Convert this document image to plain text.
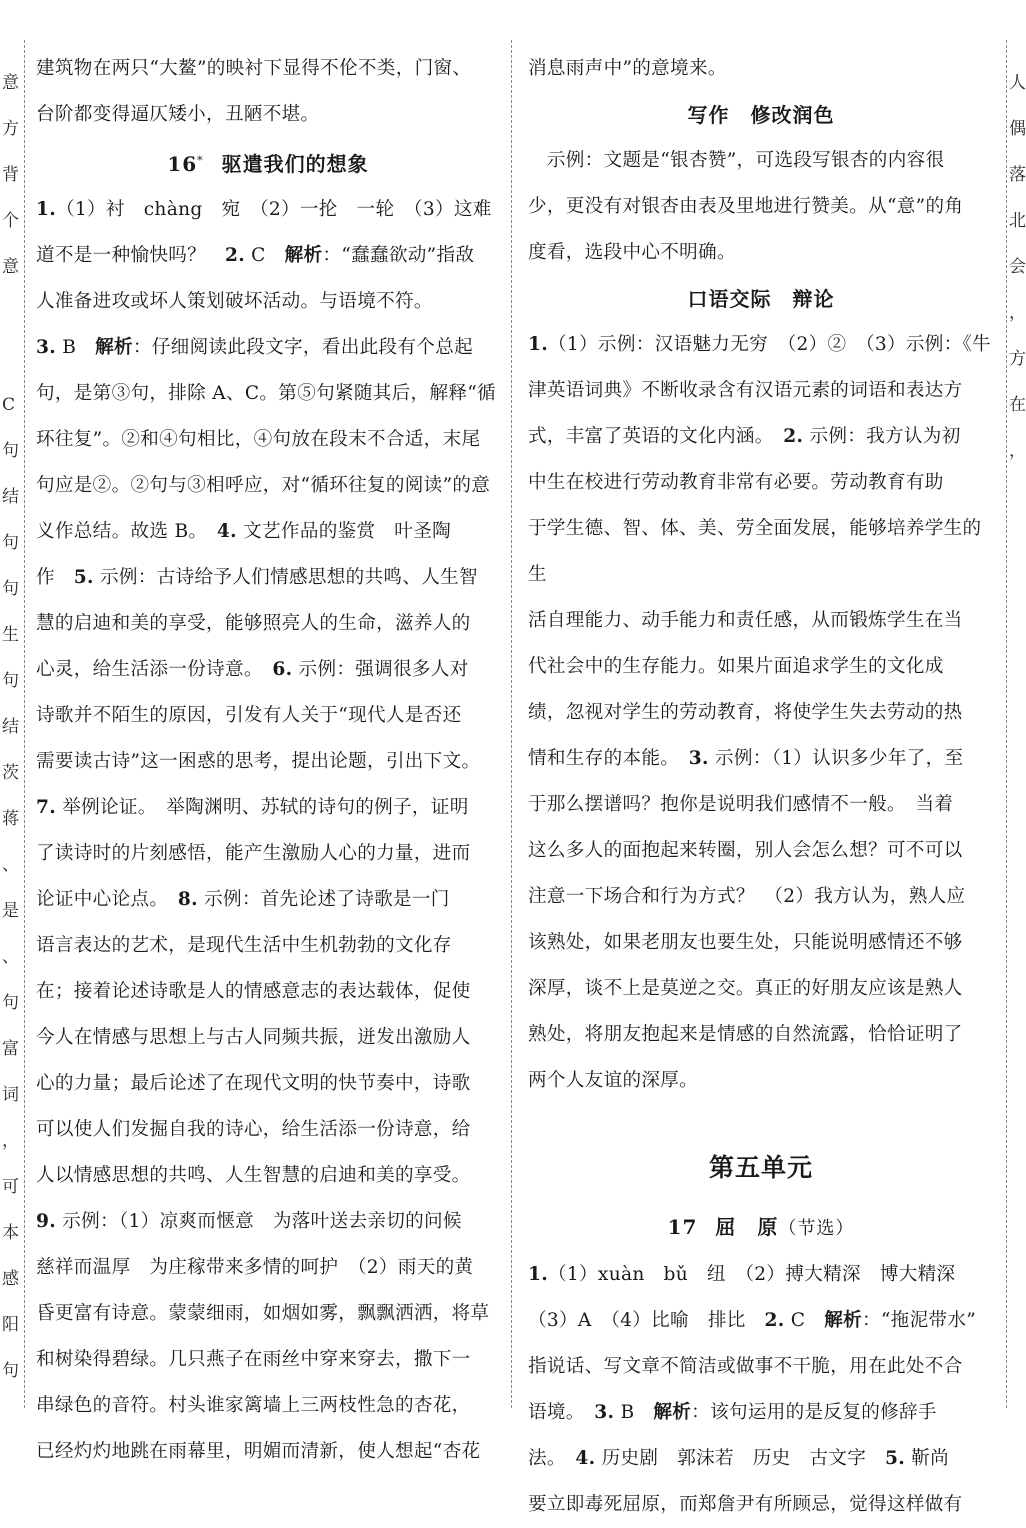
意
方
背
个
意
C
句
结
句
句
生
句
结
茨
蒋
、
是
、
句
富
词
，
可
本
感
阳
句
人
偶
落
北
会
，
方
在
，

建筑物在两只“大鳌”的映衬下显得不伦不类，门窗、

台阶都变得逼仄矮小，丑陋不堪。

16* 驱遣我们的想象

1.（1）衬　chàng　宛　（2）一抡　一轮　（3）这难

道不是一种愉快吗？　2. C　解析：“蠢蠢欲动”指敌

人准备进攻或坏人策划破坏活动。与语境不符。

3. B　解析：仔细阅读此段文字，看出此段有个总起

句，是第③句，排除 A、C。第⑤句紧随其后，解释“循

环往复”。②和④句相比，④句放在段末不合适，末尾

句应是②。②句与③相呼应，对“循环往复的阅读”的意

义作总结。故选 B。　4. 文艺作品的鉴赏　叶圣陶

作　5. 示例：古诗给予人们情感思想的共鸣、人生智

慧的启迪和美的享受，能够照亮人的生命，滋养人的

心灵，给生活添一份诗意。　6. 示例：强调很多人对

诗歌并不陌生的原因，引发有人关于“现代人是否还

需要读古诗”这一困惑的思考，提出论题，引出下文。

7. 举例论证。　举陶渊明、苏轼的诗句的例子，证明

了读诗时的片刻感悟，能产生激励人心的力量，进而

论证中心论点。　8. 示例：首先论述了诗歌是一门

语言表达的艺术，是现代生活中生机勃勃的文化存

在；接着论述诗歌是人的情感意志的表达载体，促使

今人在情感与思想上与古人同频共振，迸发出激励人

心的力量；最后论述了在现代文明的快节奏中，诗歌

可以使人们发掘自我的诗心，给生活添一份诗意，给

人以情感思想的共鸣、人生智慧的启迪和美的享受。

9. 示例：（1）凉爽而惬意　为落叶送去亲切的问候

慈祥而温厚　为庄稼带来多情的呵护　（2）雨天的黄

昏更富有诗意。蒙蒙细雨，如烟如雾，飘飘洒洒，将草

和树染得碧绿。几只燕子在雨丝中穿来穿去，撒下一

串绿色的音符。村头谁家篱墙上三两枝性急的杏花，

已经灼灼地跳在雨幕里，明媚而清新，使人想起“杏花

消息雨声中”的意境来。

写作　修改润色

　示例：文题是“银杏赞”，可选段写银杏的内容很

少，更没有对银杏由表及里地进行赞美。从“意”的角

度看，选段中心不明确。

口语交际　辩论

1.（1）示例：汉语魅力无穷　（2）②　（3）示例：《牛

津英语词典》不断收录含有汉语元素的词语和表达方

式，丰富了英语的文化内涵。　2. 示例：我方认为初

中生在校进行劳动教育非常有必要。劳动教育有助

于学生德、智、体、美、劳全面发展，能够培养学生的生

活自理能力、动手能力和责任感，从而锻炼学生在当

代社会中的生存能力。如果片面追求学生的文化成

绩，忽视对学生的劳动教育，将使学生失去劳动的热

情和生存的本能。　3. 示例：（1）认识多少年了，至

于那么摆谱吗？抱你是说明我们感情不一般。　当着

这么多人的面抱起来转圈，别人会怎么想？可不可以

注意一下场合和行为方式？　（2）我方认为，熟人应

该熟处，如果老朋友也要生处，只能说明感情还不够

深厚，谈不上是莫逆之交。真正的好朋友应该是熟人

熟处，将朋友抱起来是情感的自然流露，恰恰证明了

两个人友谊的深厚。

第五单元
17 屈　原（节选）

1.（1）xuàn　bǔ　纽　（2）搏大精深　博大精深

（3）A　（4）比喻　排比　2. C　解析：“拖泥带水”

指说话、写文章不简洁或做事不干脆，用在此处不合

语境。　3. B　解析：该句运用的是反复的修辞手

法。　4. 历史剧　郭沫若　历史　古文字　5. 靳尚

要立即毒死屈原，而郑詹尹有所顾忌，觉得这样做有
